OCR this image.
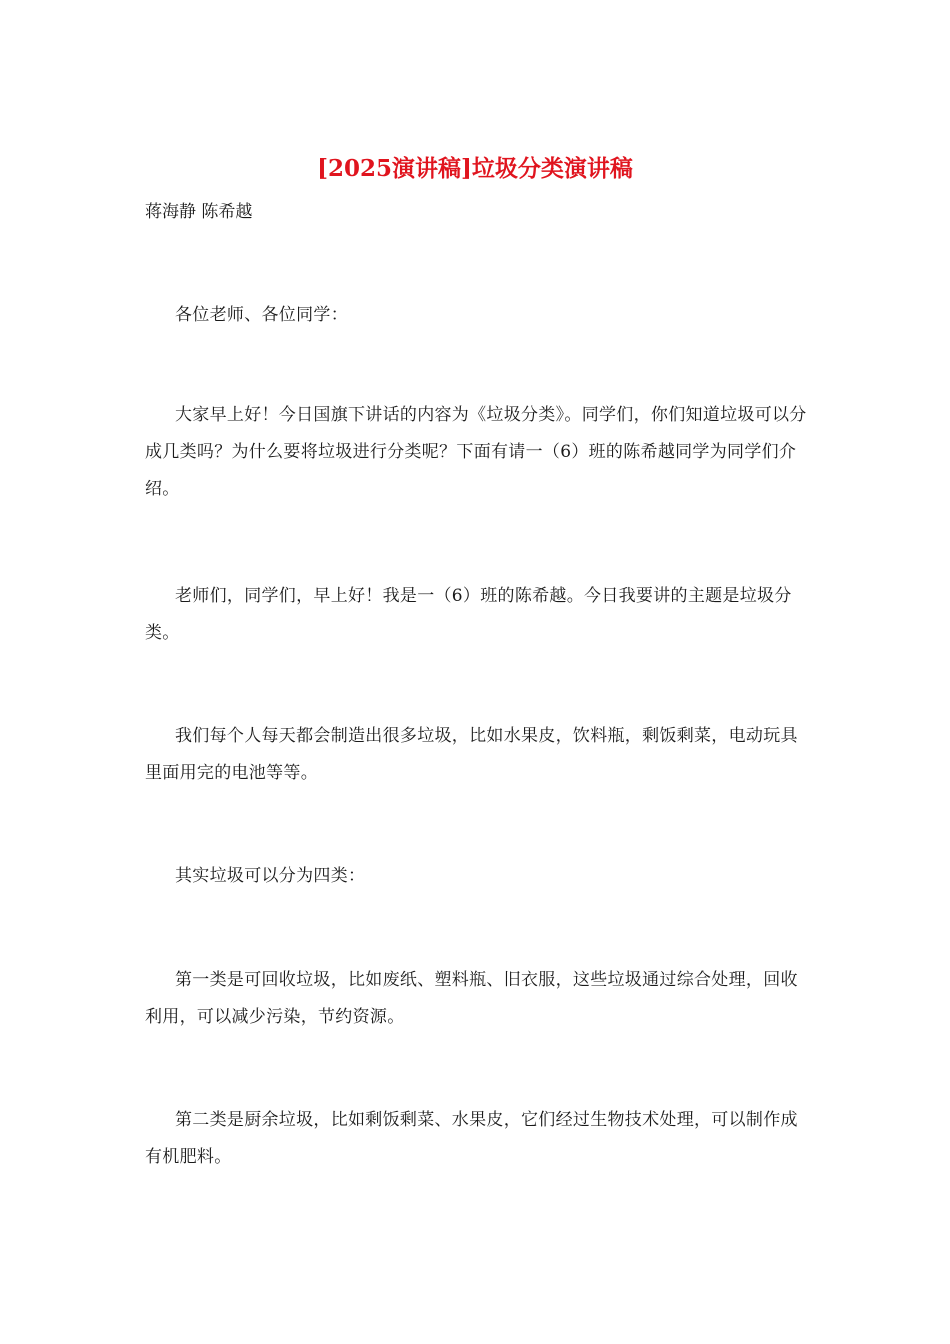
[2025演讲稿]垃圾分类演讲稿

蒋海静 陈希越

各位老师、各位同学：

大家早上好！今日国旗下讲话的内容为《垃圾分类》。同学们，你们知道垃圾可以分成几类吗？为什么要将垃圾进行分类呢？下面有请一（6）班的陈希越同学为同学们介绍。

老师们，同学们，早上好！我是一（6）班的陈希越。今日我要讲的主题是垃圾分类。

我们每个人每天都会制造出很多垃圾，比如水果皮，饮料瓶，剩饭剩菜，电动玩具里面用完的电池等等。

其实垃圾可以分为四类：

第一类是可回收垃圾，比如废纸、塑料瓶、旧衣服，这些垃圾通过综合处理，回收利用，可以减少污染，节约资源。

第二类是厨余垃圾，比如剩饭剩菜、水果皮，它们经过生物技术处理，可以制作成 有机肥料。
